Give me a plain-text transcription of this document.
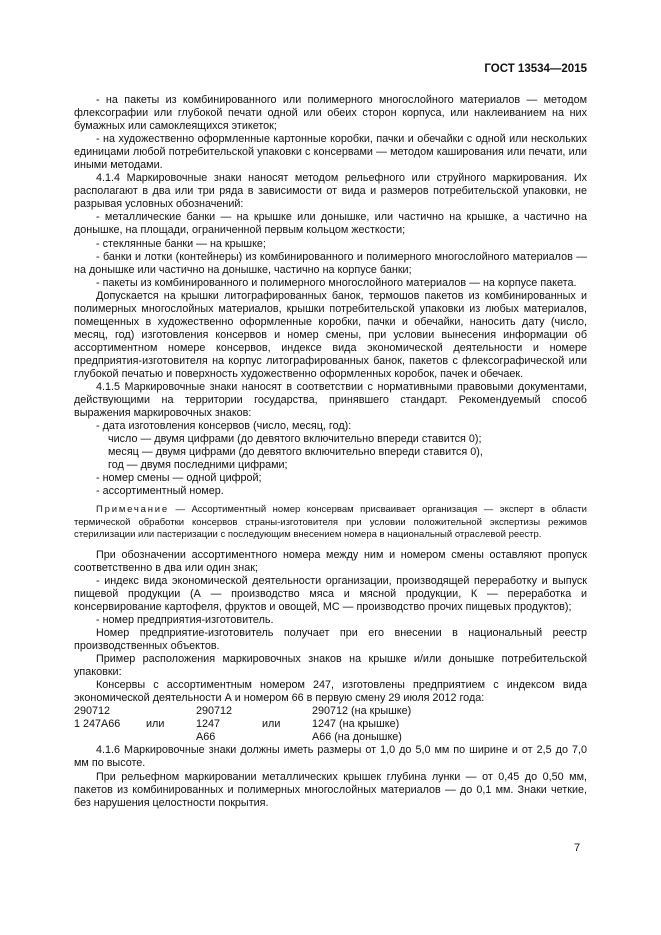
ГОСТ 13534—2015

- на пакеты из комбинированного или полимерного многослойного материалов — методом флексографии или глубокой печати одной или обеих сторон корпуса, или наклеиванием на них бумажных или самоклеящихся этикеток;

- на художественно оформленные картонные коробки, пачки и обечайки с одной или нескольких единицами любой потребительской упаковки с консервами — методом каширования или печати, или иными методами.

4.1.4 Маркировочные знаки наносят методом рельефного или струйного маркирования. Их располагают в два или три ряда в зависимости от вида и размеров потребительской упаковки, не разрывая условных обозначений:

- металлические банки — на крышке или донышке, или частично на крышке, а частично на донышке, на площади, ограниченной первым кольцом жесткости;

- стеклянные банки — на крышке;

- банки и лотки (контейнеры) из комбинированного и полимерного многослойного материалов — на донышке или частично на донышке, частично на корпусе банки;

- пакеты из комбинированного и полимерного многослойного материалов — на корпусе пакета.

Допускается на крышки литографированных банок, термошов пакетов из комбинированных и полимерных многослойных материалов, крышки потребительской упаковки из любых материалов, помещенных в художественно оформленные коробки, пачки и обечайки, наносить дату (число, месяц, год) изготовления консервов и номер смены, при условии вынесения информации об ассортиментном номере консервов, индексе вида экономической деятельности и номере предприятия-изготовителя на корпус литографированных банок, пакетов с флексографической или глубокой печатью и поверхность художественно оформленных коробок, пачек и обечаек.

4.1.5 Маркировочные знаки наносят в соответствии с нормативными правовыми документами, действующими на территории государства, принявшего стандарт. Рекомендуемый способ выражения маркировочных знаков:

- дата изготовления консервов (число, месяц, год):

число — двумя цифрами (до девятого включительно впереди ставится 0);

месяц — двумя цифрами (до девятого включительно впереди ставится 0),

год — двумя последними цифрами;

- номер смены — одной цифрой;

- ассортиментный номер.

Примечание — Ассортиментный номер консервам присваивает организация — эксперт в области термической обработки консервов страны-изготовителя при условии положительной экспертизы режимов стерилизации или пастеризации с последующим внесением номера в национальный отраслевой реестр.

При обозначении ассортиментного номера между ним и номером смены оставляют пропуск соответственно в два или один знак;

- индекс вида экономической деятельности организации, производящей переработку и выпуск пищевой продукции (А — производство мяса и мясной продукции, К — переработка и консервирование картофеля, фруктов и овощей, МС — производство прочих пищевых продуктов);

- номер предприятия-изготовитель.

Номер предприятие-изготовитель получает при его внесении в национальный реестр производственных объектов.

Пример расположения маркировочных знаков на крышке и/или донышке потребительской упаковки:

Консервы с ассортиментным номером 247, изготовлены предприятием с индексом вида экономической деятельности А и номером 66 в первую смену 29 июля 2012 года:

290712		290712		290712 (на крышке)
1 247А66	или	1247	или	1247 (на крышке)
		А66		А66 (на донышке)

4.1.6 Маркировочные знаки должны иметь размеры от 1,0 до 5,0 мм по ширине и от 2,5 до 7,0 мм по высоте.

При рельефном маркировании металлических крышек глубина лунки — от 0,45 до 0,50 мм, пакетов из комбинированных и полимерных многослойных материалов — до 0,1 мм. Знаки четкие, без нарушения целостности покрытия.

7
